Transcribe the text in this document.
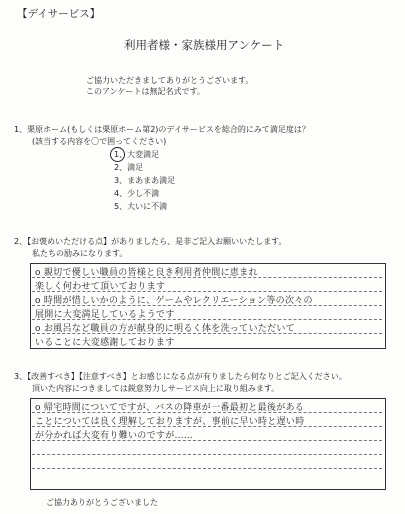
【デイサービス】
利用者様・家族様用アンケート
ご協力いただきましてありがとうございます。
このアンケートは無記名式です。
1、栗原ホーム(もしくは栗原ホーム第2)のデイサービスを総合的にみて満足度は？
(該当する内容を〇で囲ってください)
1、大変満足
2、満足
3、まあまあ満足
4、少し不満
5、大いに不満
2、【お褒めいただける点】がありましたら、是非ご記入お願いいたします。
私たちの励みになります。
o 親切で優しい職員の皆様と良き利用者仲間に恵まれ
楽しく何わせて頂いております
o 時間が惜しいかのように、ゲームやレクリエーション等の次々の
展開に大変満足しているようです
o お風呂など職員の方が献身的に明るく体を洗っていただいて
いることに大変感謝しております
3、【改善すべき】【注意すべき】とお感じになる点が有りましたら何なりとご記入ください。
頂いた内容につきましては鋭意努力しサービス向上に取り組みます。
o 帰宅時間についてですが、バスの降車が一番最初と最後がある
ことについては良く理解しておりますが、事前に早い時と遅い時
が分かれば大変有り難いのですが……
ご協力ありがとうございました
